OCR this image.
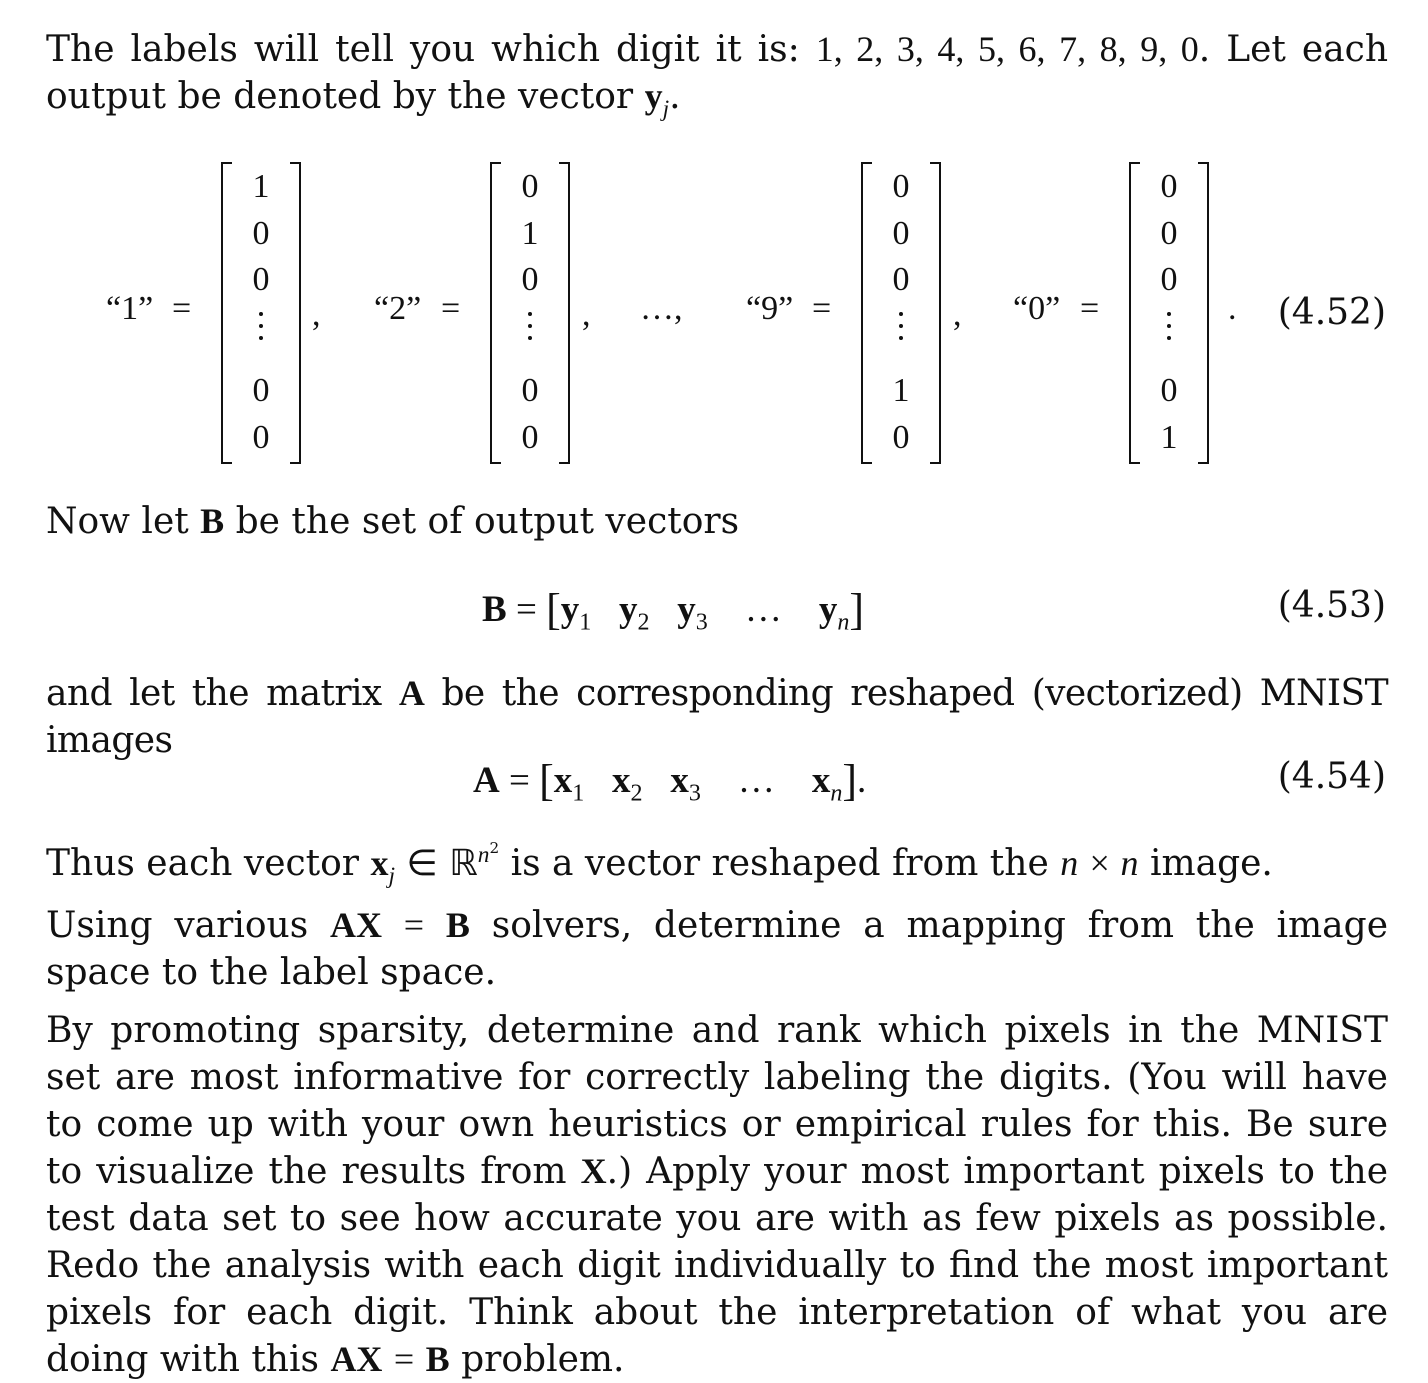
The labels will tell you which digit it is: 1, 2, 3, 4, 5, 6, 7, 8, 9, 0. Let each output be denoted by the vector $y_j$.
“1” =
1
0
0
0
0
, “2” =
0
1
0
0
0
, …, “9” =
0
0
0
1
0
, “0” =
0
0
0
0
1
. (4.52)
Now let B be the set of output vectors
$B = [y_1$ $y_2$ $y_3$ … $y_n$]	(4.53)
and let the matrix A be the corresponding reshaped (vectorized) MNIST images
$A = [x_1$ $x_2$ $x_3$ … $x_n$].	(4.54)
Thus each vector $x_j$ ∈ ℝ$^{n^2}$ is a vector reshaped from the n × n image.
Using various AX = B solvers, determine a mapping from the image space to the label space.
By promoting sparsity, determine and rank which pixels in the MNIST set are most informative for correctly labeling the digits. (You will have to come up with your own heuristics or empirical rules for this. Be sure to visualize the results from X.) Apply your most important pixels to the test data set to see how accurate you are with as few pixels as possible. Redo the analysis with each digit individually to find the most important pixels for each digit. Think about the interpretation of what you are doing with this AX = B problem.
